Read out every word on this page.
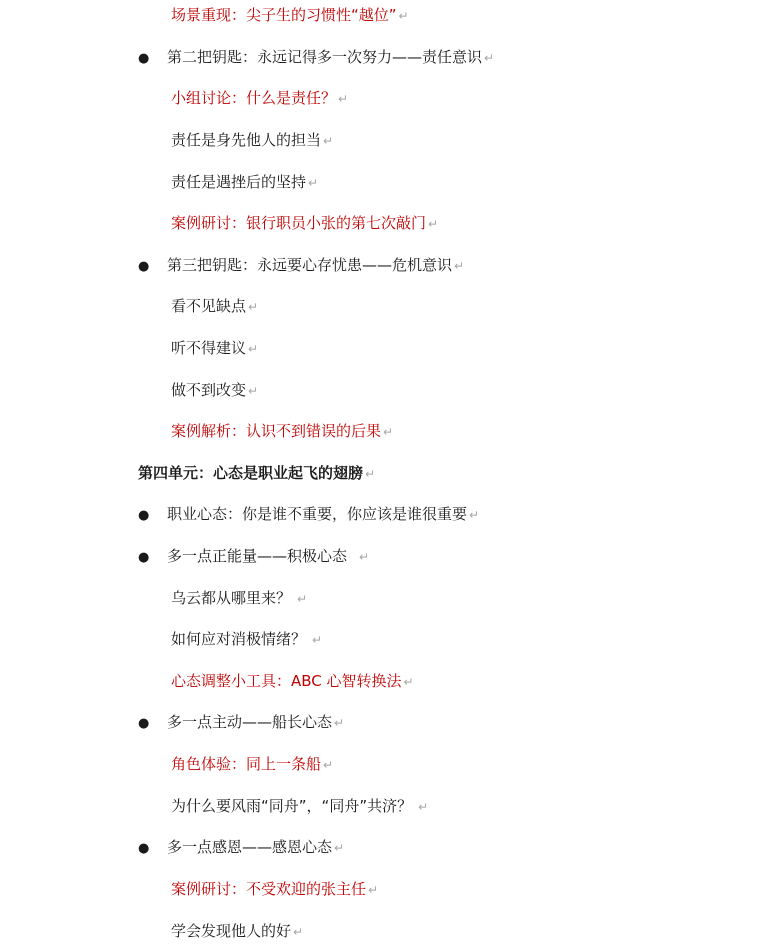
场景重现：尖子生的习惯性“越位” ↵
● 第二把钥匙：永远记得多一次努力——责任意识 ↵
小组讨论：什么是责任？ ↵
责任是身先他人的担当 ↵
责任是遇挫后的坚持 ↵
案例研讨：银行职员小张的第七次敲门 ↵
● 第三把钥匙：永远要心存忧患——危机意识 ↵
看不见缺点 ↵
听不得建议 ↵
做不到改变 ↵
案例解析：认识不到错误的后果 ↵
第四单元：心态是职业起飞的翅膀 ↵
● 职业心态：你是谁不重要，你应该是谁很重要 ↵
● 多一点正能量——积极心态 ↵
乌云都从哪里来？ ↵
如何应对消极情绪？ ↵
心态调整小工具：ABC 心智转换法 ↵
● 多一点主动——船长心态 ↵
角色体验：同上一条船 ↵
为什么要风雨“同舟”，“同舟”共济？ ↵
● 多一点感恩——感恩心态 ↵
案例研讨：不受欢迎的张主任 ↵
学会发现他人的好 ↵
